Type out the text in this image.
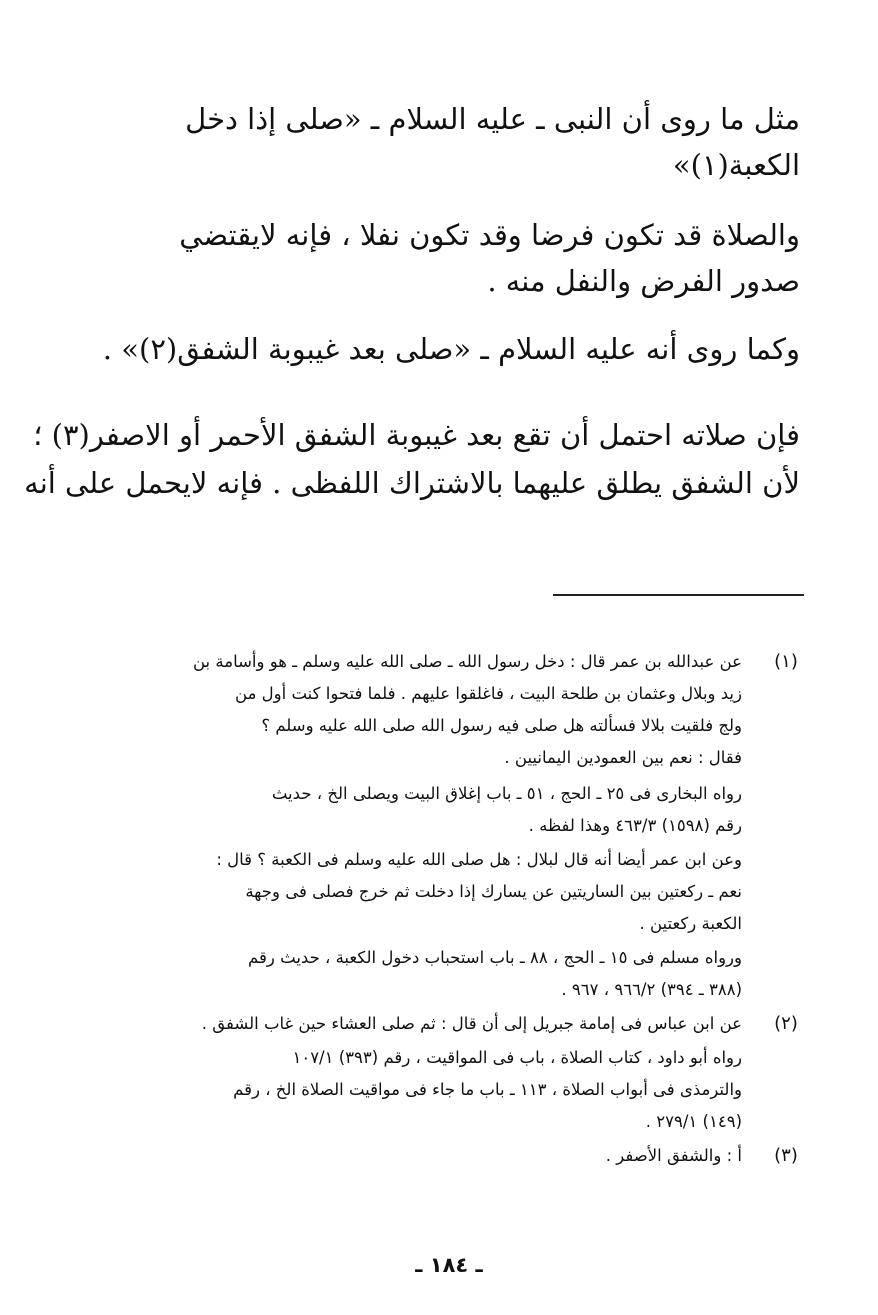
مثل ما روى أن النبى ـ عليه السلام ـ «صلى إذا دخل
الكعبة(١)»
والصلاة قد تكون فرضا وقد تكون نفلا ، فإنه لايقتضي
صدور الفرض والنفل منه .
وكما روى أنه عليه السلام ـ «صلى بعد غيبوبة الشفق(٢)» .
فإن صلاته احتمل أن تقع بعد غيبوبة الشفق الأحمر أو الاصفر(٣) ؛
لأن الشفق يطلق عليهما بالاشتراك اللفظى . فإنه لايحمل على أنه
(١)
(٢)
(٣)
عن عبدالله بن عمر قال : دخل رسول الله ـ صلى الله عليه وسلم ـ هو وأسامة بن
زيد وبلال وعثمان بن طلحة البيت ، فاغلقوا عليهم . فلما فتحوا كنت أول من
ولج فلقيت بلالا فسألته هل صلى فيه رسول الله صلى الله عليه وسلم ؟
فقال : نعم بين العمودين اليمانيين .
رواه البخارى فى ٢٥ ـ الحج ، ٥١ ـ باب إغلاق البيت ويصلى الخ ، حديث
رقم (١٥٩٨) ٤٦٣/٣ وهذا لفظه .
وعن ابن عمر أيضا أنه قال لبلال : هل صلى الله عليه وسلم فى الكعبة ؟ قال :
نعم ـ ركعتين بين الساريتين عن يسارك إذا دخلت ثم خرج فصلى فى وجهة
الكعبة ركعتين .
ورواه مسلم فى ١٥ ـ الحج ، ٨٨ ـ باب استحباب دخول الكعبة ، حديث رقم
(٣٨٨ ـ ٣٩٤) ٩٦٦/٢ ، ٩٦٧ .
عن ابن عباس فى إمامة جبريل إلى أن قال : ثم صلى العشاء حين غاب الشفق .
رواه أبو داود ، كتاب الصلاة ، باب فى المواقيت ، رقم (٣٩٣) ١٠٧/١
والترمذى فى أبواب الصلاة ، ١١٣ ـ باب ما جاء فى مواقيت الصلاة الخ ، رقم
(١٤٩) ٢٧٩/١ .
أ : والشفق الأصفر .
ـ ١٨٤ ـ
